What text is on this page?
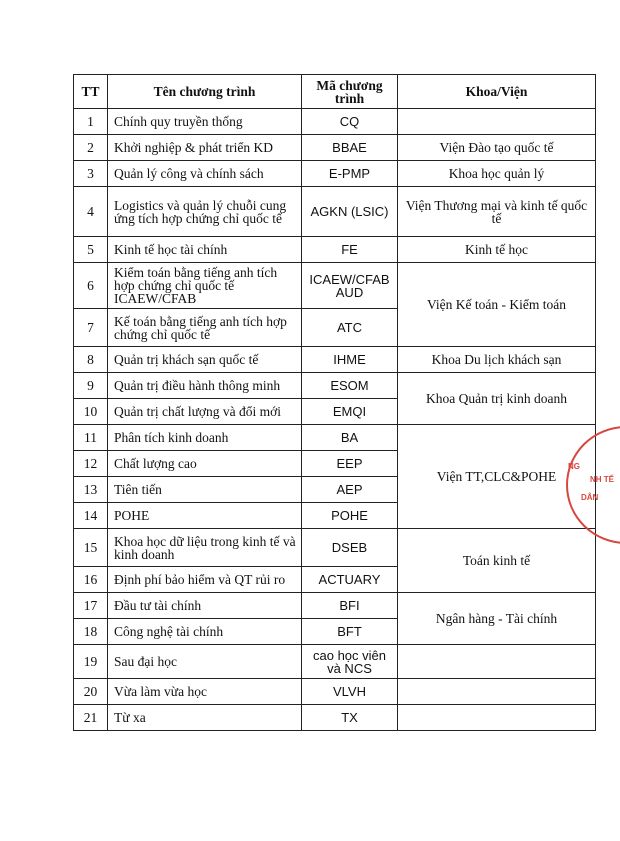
TT	Tên chương trình	Mã chương trình	Khoa/Viện
1	Chính quy truyền thống	CQ	
2	Khởi nghiệp & phát triển KD	BBAE	Viện Đào tạo quốc tế
3	Quản lý công và chính sách	E-PMP	Khoa học quản lý
4	Logistics và quản lý chuỗi cung ứng tích hợp chứng chỉ quốc tế	AGKN (LSIC)	Viện Thương mại và kinh tế quốc tế
5	Kinh tế học tài chính	FE	Kinh tế học
6	Kiểm toán bằng tiếng anh tích hợp chứng chỉ quốc tế ICAEW/CFAB	ICAEW/CFAB AUD	Viện Kế toán - Kiểm toán
7	Kế toán bằng tiếng anh tích hợp chứng chỉ quốc tế	ATC	
8	Quản trị khách sạn quốc tế	IHME	Khoa Du lịch khách sạn
9	Quản trị điều hành thông minh	ESOM	Khoa Quản trị kinh doanh
10	Quản trị chất lượng và đổi mới	EMQI	
11	Phân tích kinh doanh	BA	Viện TT,CLC&POHE
12	Chất lượng cao	EEP	
13	Tiên tiến	AEP	
14	POHE	POHE	
15	Khoa học dữ liệu trong kinh tế và kinh doanh	DSEB	Toán kinh tế
16	Định phí bảo hiểm và QT rủi ro	ACTUARY	
17	Đầu tư tài chính	BFI	Ngân hàng - Tài chính
18	Công nghệ tài chính	BFT	
19	Sau đại học	cao học viên và NCS	
20	Vừa làm vừa học	VLVH	
21	Từ xa	TX	
NG
NH TẾ
DÂN
